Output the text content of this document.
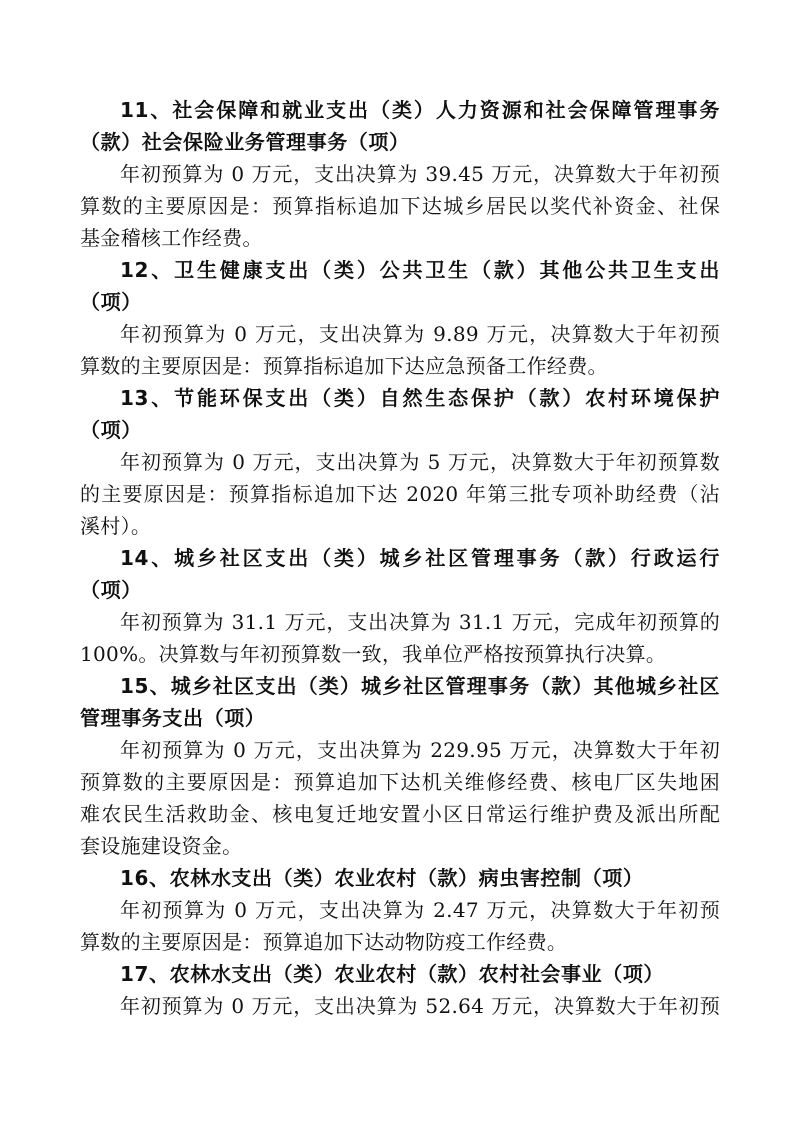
11、社会保障和就业支出（类）人力资源和社会保障管理事务
（款）社会保险业务管理事务（项）
年初预算为 0 万元，支出决算为 39.45 万元，决算数大于年初预
算数的主要原因是：预算指标追加下达城乡居民以奖代补资金、社保
基金稽核工作经费。
12、卫生健康支出（类）公共卫生（款）其他公共卫生支出
（项）
年初预算为 0 万元，支出决算为 9.89 万元，决算数大于年初预
算数的主要原因是：预算指标追加下达应急预备工作经费。
13、节能环保支出（类）自然生态保护（款）农村环境保护
（项）
年初预算为 0 万元，支出决算为 5 万元，决算数大于年初预算数
的主要原因是：预算指标追加下达 2020 年第三批专项补助经费（沾
溪村）。
14、城乡社区支出（类）城乡社区管理事务（款）行政运行
（项）
年初预算为 31.1 万元，支出决算为 31.1 万元，完成年初预算的
100%。决算数与年初预算数一致，我单位严格按预算执行决算。
15、城乡社区支出（类）城乡社区管理事务（款）其他城乡社区
管理事务支出（项）
年初预算为 0 万元，支出决算为 229.95 万元，决算数大于年初
预算数的主要原因是：预算追加下达机关维修经费、核电厂区失地困
难农民生活救助金、核电复迁地安置小区日常运行维护费及派出所配
套设施建设资金。
16、农林水支出（类）农业农村（款）病虫害控制（项）
年初预算为 0 万元，支出决算为 2.47 万元，决算数大于年初预
算数的主要原因是：预算追加下达动物防疫工作经费。
17、农林水支出（类）农业农村（款）农村社会事业（项）
年初预算为 0 万元，支出决算为 52.64 万元，决算数大于年初预
